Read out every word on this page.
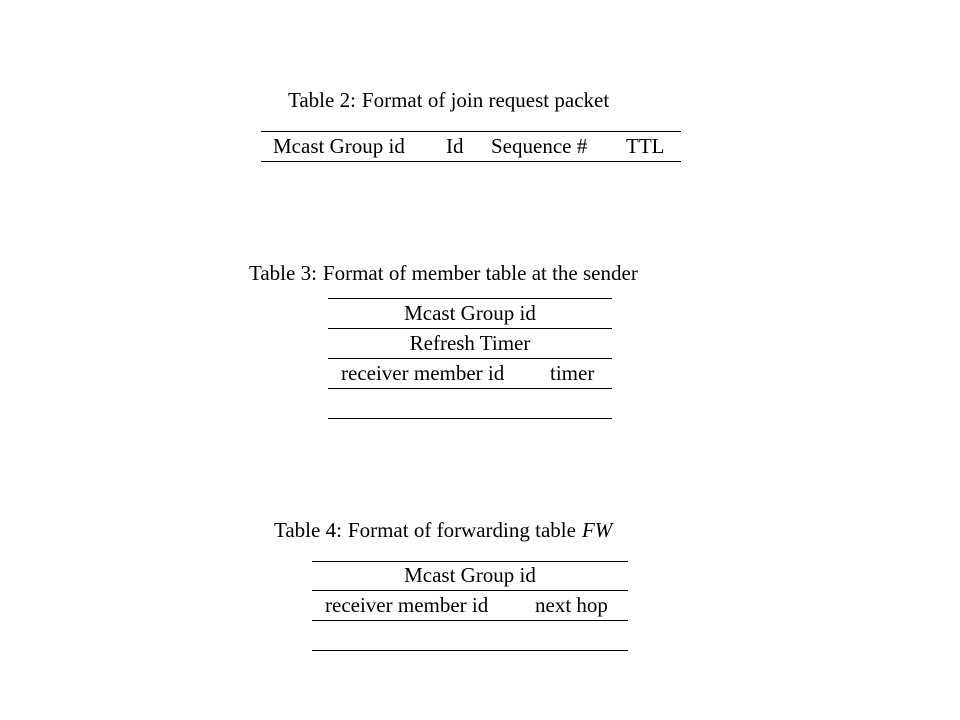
Table 2: Format of join request packet
Mcast Group id Id Sequence # TTL
Table 3: Format of member table at the sender
Mcast Group id
Refresh Timer
receiver member id timer
Table 4: Format of forwarding table FW
Mcast Group id
receiver member id next hop
